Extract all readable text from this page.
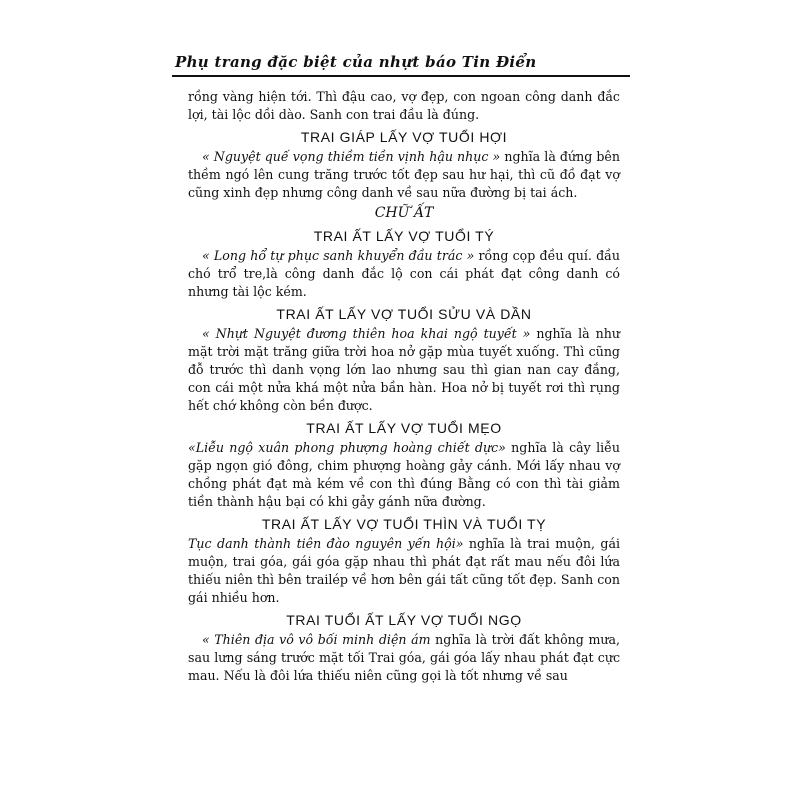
Phụ trang đặc biệt của nhựt báo Tin Điển

rồng vàng hiện tới. Thì đậu cao, vợ đẹp, con ngoan công danh đắc lợi, tài lộc dồi dào. Sanh con trai đầu là đúng.

TRAI GIÁP LẤY VỢ TUỔI HỢI

« Nguyệt quế vọng thiềm tiền vịnh hậu nhục » nghĩa là đứng bên thềm ngó lên cung trăng trước tốt đẹp sau hư hại, thì cũ đồ đạt vợ cũng xinh đẹp nhưng công danh về sau nữa đường bị tai ách.

CHỮ ẤT
TRAI ẤT LẤY VỢ TUỔI TÝ

« Long hổ tự phục sanh khuyển đầu trác » rồng cọp đều quí. đầu chó trổ tre,là công danh đắc lộ con cái phát đạt công danh có nhưng tài lộc kém.

TRAI ẤT LẤY VỢ TUỔI SỬU VÀ DẦN

« Nhựt Nguyệt đương thiên hoa khai ngộ tuyết » nghĩa là như mặt trời mặt trăng giữa trời hoa nở gặp mùa tuyết xuống. Thì cũng đỗ trước thì danh vọng lớn lao nhưng sau thì gian nan cay đắng, con cái một nửa khá một nửa bần hàn. Hoa nở bị tuyết rơi thì rụng hết chớ không còn bền được.

TRAI ẤT LẤY VỢ TUỔI MẸO

«Liễu ngộ xuân phong phượng hoàng chiết dực» nghĩa là cây liễu gặp ngọn gió đông, chim phượng hoàng gảy cánh. Mới lấy nhau vợ chồng phát đạt mà kém về con thì đúng Bằng có con thì tài giảm tiền thành hậu bại có khi gảy gánh nữa đường.

TRAI ẤT LẤY VỢ TUỔI THÌN VÀ TUỔI TỴ

Tục danh thành tiên đào nguyên yến hội» nghĩa là trai muộn, gái muộn, trai góa, gái góa gặp nhau thì phát đạt rất mau nếu đôi lứa thiếu niên thì bên trailép về hơn bên gái tất cũng tốt đẹp. Sanh con gái nhiều hơn.

TRAI TUỔI ẤT LẤY VỢ TUỔI NGỌ

« Thiên địa vô vô bối minh diện ám nghĩa là trời đất không mưa, sau lưng sáng trước mặt tối Trai góa, gái góa lấy nhau phát đạt cực mau. Nếu là đôi lứa thiếu niên cũng gọi là tốt nhưng về sau
